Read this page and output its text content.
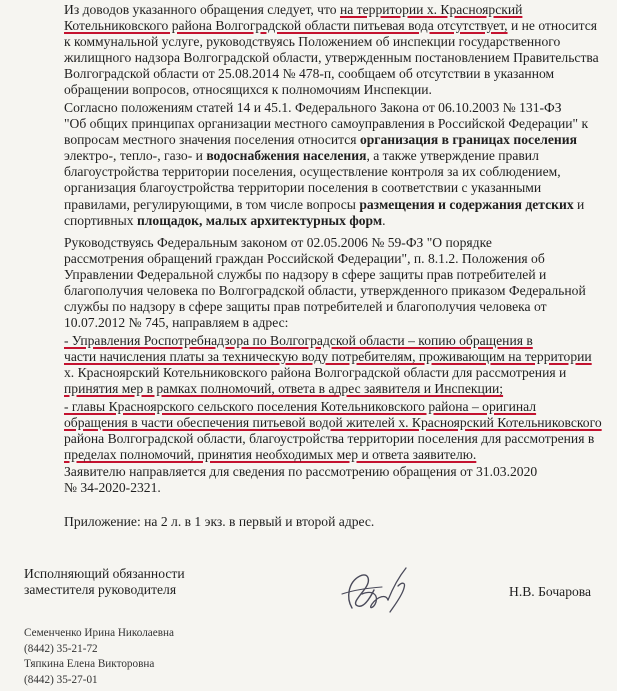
Из доводов указанного обращения следует, что на территории х. Красноярский
Котельниковского района Волгоградской области питьевая вода отсутствует, и не относится
к коммунальной услуге, руководствуясь Положением об инспекции государственного
жилищного надзора Волгоградской области, утвержденным постановлением Правительства
Волгоградской области от 25.08.2014 № 478-п, сообщаем об отсутствии в указанном
обращении вопросов, относящихся к полномочиям Инспекции.
Согласно положениям статей 14 и 45.1. Федерального Закона от 06.10.2003 № 131-ФЗ
"Об общих принципах организации местного самоуправления в Российской Федерации" к
вопросам местного значения поселения относится организация в границах поселения
электро-, тепло-, газо- и водоснабжения населения, а также утверждение правил
благоустройства территории поселения, осуществление контроля за их соблюдением,
организация благоустройства территории поселения в соответствии с указанными
правилами, регулирующими, в том числе вопросы размещения и содержания детских и
спортивных площадок, малых архитектурных форм.
Руководствуясь Федеральным законом от 02.05.2006 № 59-ФЗ "О порядке
рассмотрения обращений граждан Российской Федерации", п. 8.1.2. Положения об
Управлении Федеральной службы по надзору в сфере защиты прав потребителей и
благополучия человека по Волгоградской области, утвержденного приказом Федеральной
службы по надзору в сфере защиты прав потребителей и благополучия человека от
10.07.2012 № 745, направляем в адрес:
- Управления Роспотребнадзора по Волгоградской области – копию обращения в
части начисления платы за техническую воду потребителям, проживающим на территории
х. Красноярский Котельниковского района Волгоградской области для рассмотрения и
принятия мер в рамках полномочий, ответа в адрес заявителя и Инспекции;
- главы Красноярского сельского поселения Котельниковского района – оригинал
обращения в части обеспечения питьевой водой жителей х. Красноярский Котельниковского
района Волгоградской области, благоустройства территории поселения для рассмотрения в
пределах полномочий, принятия необходимых мер и ответа заявителю.
Заявителю направляется для сведения по рассмотрению обращения от 31.03.2020
№ 34-2020-2321.
Приложение: на 2 л. в 1 экз. в первый и второй адрес.
Исполняющий обязанности
заместителя руководителя	Н.В. Бочарова
Семенченко Ирина Николаевна
(8442) 35-21-72
Тяпкина Елена Викторовна
(8442) 35-27-01
